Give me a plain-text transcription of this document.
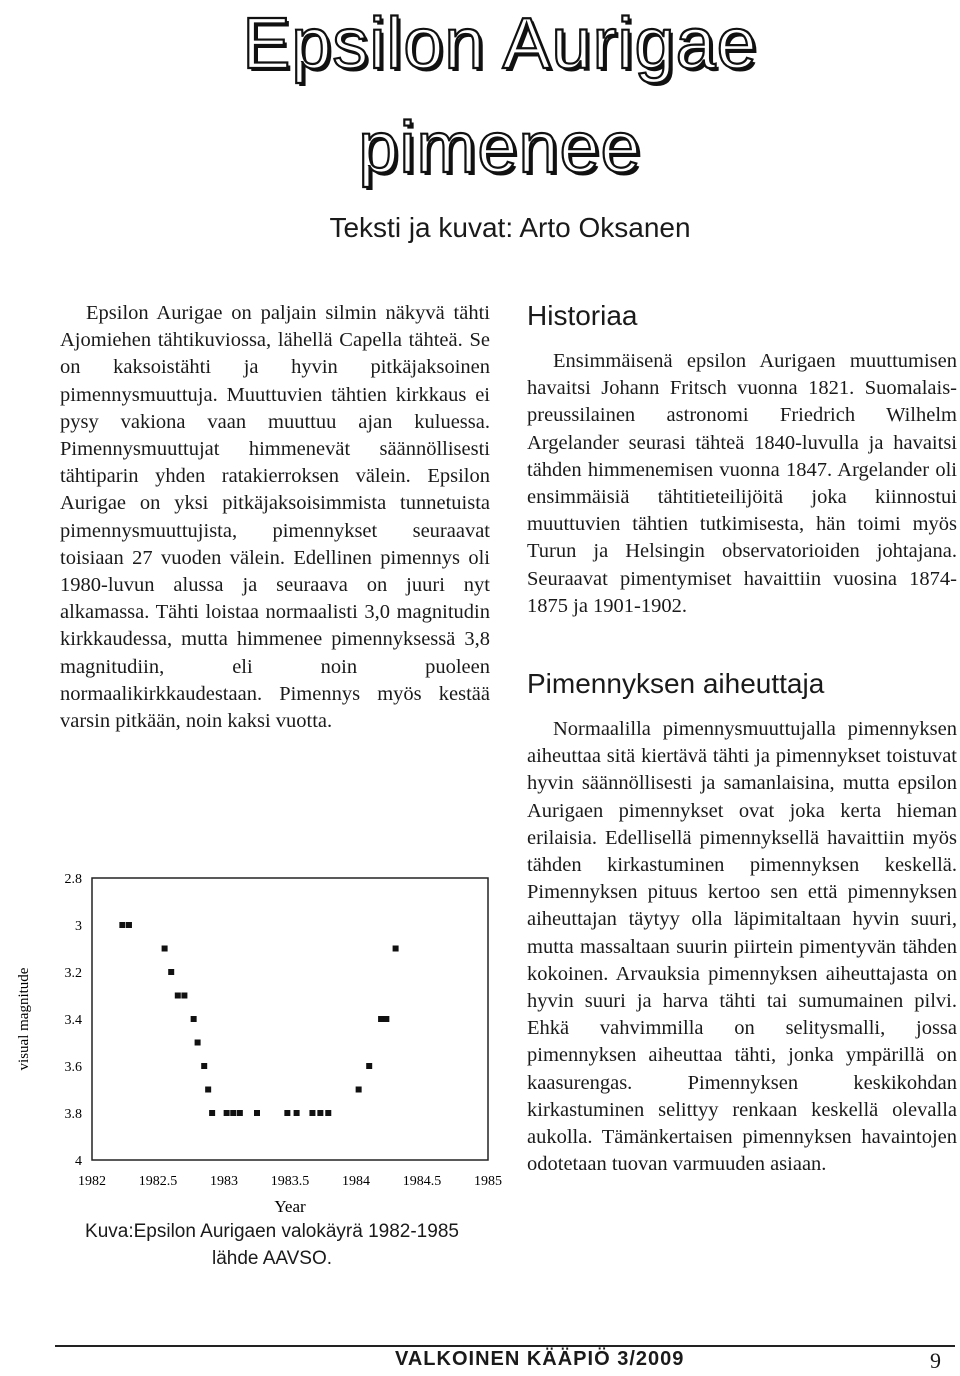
Epsilon Aurigae
pimenee
Teksti ja kuvat: Arto Oksanen

Epsilon Aurigae on paljain silmin näkyvä tähti Ajomiehen tähtikuviossa, lähellä Capella tähteä. Se on kaksoistähti ja hyvin pitkäjaksoinen pimennysmuuttuja. Muuttuvien tähtien kirkkaus ei pysy vakiona vaan muuttuu ajan kuluessa. Pimennysmuuttujat himmenevät säännöllisesti tähtiparin yhden ratakierroksen välein. Epsilon Aurigae on yksi pitkäjaksoisimmista tunnetuista pimennysmuuttujista, pimennykset seuraavat toisiaan 27 vuoden välein. Edellinen pimennys oli 1980-luvun alussa ja seuraava on juuri nyt alkamassa. Tähti loistaa normaalisti 3,0 magnitudin kirkkaudessa, mutta himmenee pimennyksessä 3,8 magnitudiin, eli noin puoleen normaalikirkkaudestaan. Pimennys myös kestää varsin pitkään, noin kaksi vuotta.

Historiaa

Ensimmäisenä epsilon Aurigaen muuttumisen havaitsi Johann Fritsch vuonna 1821. Suomalais-preussilainen astronomi Friedrich Wilhelm Argelander seurasi tähteä 1840-luvulla ja havaitsi tähden himmenemisen vuonna 1847. Argelander oli ensimmäisiä tähtitieteilijöitä joka kiinnostui muuttuvien tähtien tutkimisesta, hän toimi myös Turun ja Helsingin observatorioiden johtajana. Seuraavat pimentymiset havaittiin vuosina 1874-1875 ja 1901-1902.

Pimennyksen aiheuttaja

Normaalilla pimennysmuuttujalla pimennyksen aiheuttaa sitä kiertävä tähti ja pimennykset toistuvat hyvin säännöllisesti ja samanlaisina, mutta epsilon Aurigaen pimennykset ovat joka kerta hieman erilaisia. Edellisellä pimennyksellä havaittiin myös tähden kirkastuminen pimennyksen keskellä. Pimennyksen pituus kertoo sen että pimennyksen aiheuttajan täytyy olla läpimitaltaan hyvin suuri, mutta massaltaan suurin piirtein pimentyvän tähden kokoinen. Arvauksia pimennyksen aiheuttajasta on hyvin suuri ja harva tähti tai sumumainen pilvi. Ehkä vahvimmilla on selitysmalli, jossa pimennyksen aiheuttaa tähti, jonka ympärillä on kaasurengas. Pimennyksen keskikohdan kirkastuminen selittyy renkaan keskellä olevalla aukolla. Tämänkertaisen pimennyksen havaintojen odotetaan tuovan varmuuden asiaan.

2.8
3
3.2
3.4
3.6
3.8
4
1982 1982.5 1983 1983.5 1984 1984.5 1985
Year
visual magnitude
Kuva:Epsilon Aurigaen valokäyrä 1982-1985
lähde AAVSO.
VALKOINEN KÄÄPIÖ 3/2009	9
